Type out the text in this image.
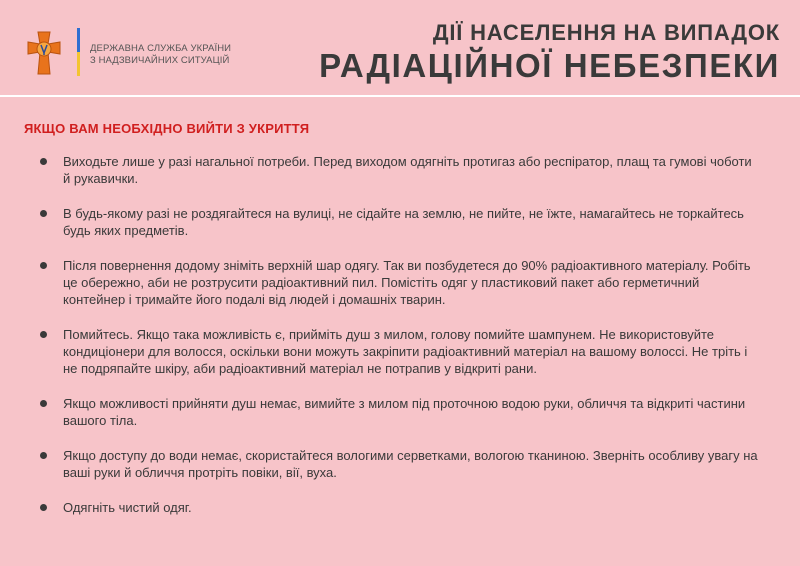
ДЕРЖАВНА СЛУЖБА УКРАЇНИ
З НАДЗВИЧАЙНИХ СИТУАЦІЙ
ДІЇ НАСЕЛЕННЯ НА ВИПАДОК
РАДІАЦІЙНОЇ НЕБЕЗПЕКИ
ЯКЩО ВАМ НЕОБХІДНО ВИЙТИ З УКРИТТЯ
Виходьте лише у разі нагальної потреби. Перед виходом одягніть протигаз або респіратор, плащ та гумові чоботи й рукавички.
В будь-якому разі не роздягайтеся на вулиці, не сідайте на землю, не пийте, не їжте, намагайтесь не торкайтесь будь яких предметів.
Після повернення додому зніміть верхній шар одягу. Так ви позбудетеся до 90% радіоактивного матеріалу. Робіть це обережно, аби не розтрусити радіоактивний пил. Помістіть одяг у пластиковий пакет або герметичний контейнер і тримайте його подалі від людей і домашніх тварин.
Помийтесь. Якщо така можливість є, прийміть душ з милом, голову помийте шампунем. Не використовуйте кондиціонери для волосся, оскільки вони можуть закріпити радіоактивний матеріал на вашому волоссі. Не тріть і не подряпайте шкіру, аби радіоактивний матеріал не потрапив у відкриті рани.
Якщо можливості прийняти душ немає, вимийте з милом під проточною водою руки, обличчя та відкриті частини вашого тіла.
Якщо доступу до води немає, скористайтеся вологими серветками, вологою тканиною. Зверніть особливу увагу на ваші руки й обличчя протріть повіки, вії, вуха.
Одягніть чистий одяг.
